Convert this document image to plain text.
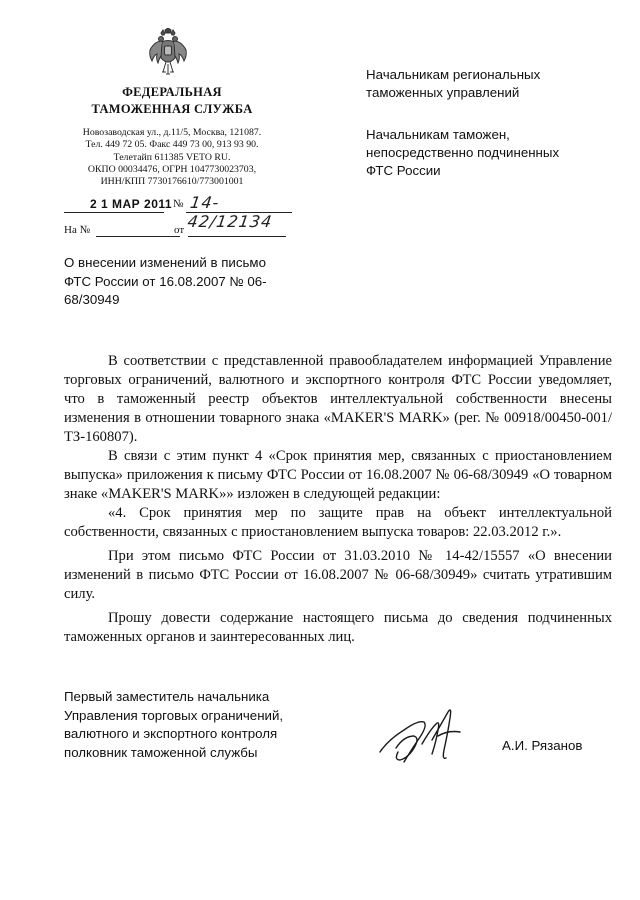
ФЕДЕРАЛЬНАЯ
ТАМОЖЕННАЯ СЛУЖБА
Новозаводская ул., д.11/5, Москва, 121087.
Тел. 449 72 05. Факс 449 73 00, 913 93 90.
Телетайп 611385 VETO RU.
ОКПО 00034476, ОГРН 1047730023703,
ИНН/КПП 7730176610/773001001
2 1 МАР 2011 № 14-42/12134
На №	от
Начальникам региональных
таможенных управлений
Начальникам таможен,
непосредственно подчиненных
ФТС России
О внесении изменений в письмо
ФТС России от 16.08.2007 № 06-
68/30949

В соответствии с представленной правообладателем информацией Управление торговых ограничений, валютного и экспортного контроля ФТС России уведомляет, что в таможенный реестр объектов интеллектуальной собственности внесены изменения в отношении товарного знака «MAKER'S MARK» (рег. № 00918/00450-001/ТЗ-160807).

В связи с этим пункт 4 «Срок принятия мер, связанных с приостановлением выпуска» приложения к письму ФТС России от 16.08.2007 № 06-68/30949 «О товарном знаке «MAKER'S MARK»» изложен в следующей редакции:

«4. Срок принятия мер по защите прав на объект интеллектуальной собственности, связанных с приостановлением выпуска товаров: 22.03.2012 г.».

При этом письмо ФТС России от 31.03.2010 № 14-42/15557 «О внесении изменений в письмо ФТС России от 16.08.2007 № 06-68/30949» считать утратившим силу.

Прошу довести содержание настоящего письма до сведения подчиненных таможенных органов и заинтересованных лиц.

Первый заместитель начальника
Управления торговых ограничений,
валютного и экспортного контроля
полковник таможенной службы	А.И. Рязанов
